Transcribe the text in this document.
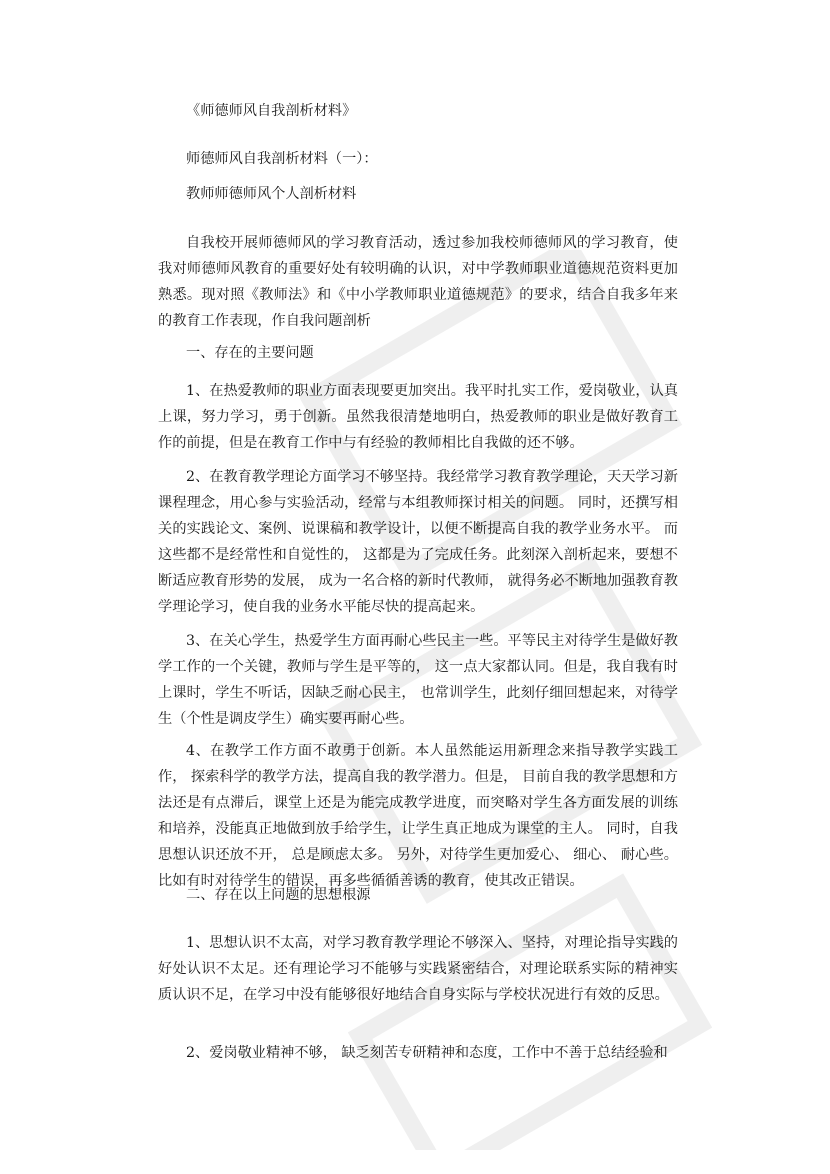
《师德师风自我剖析材料》
师德师风自我剖析材料（一）：
教师师德师风个人剖析材料

自我校开展师德师风的学习教育活动，透过参加我校师德师风的学习教育，使我对师德师风教育的重要好处有较明确的认识，对中学教师职业道德规范资料更加熟悉。现对照《教师法》和《中小学教师职业道德规范》的要求，结合自我多年来的教育工作表现，作自我问题剖析

一、存在的主要问题

1、在热爱教师的职业方面表现要更加突出。我平时扎实工作，爱岗敬业，认真上课，努力学习，勇于创新。虽然我很清楚地明白，热爱教师的职业是做好教育工作的前提，但是在教育工作中与有经验的教师相比自我做的还不够。

2、在教育教学理论方面学习不够坚持。我经常学习教育教学理论，天天学习新课程理念，用心参与实验活动，经常与本组教师探讨相关的问题。 同时，还撰写相关的实践论文、案例、说课稿和教学设计，以便不断提高自我的教学业务水平。 而这些都不是经常性和自觉性的， 这都是为了完成任务。此刻深入剖析起来，要想不断适应教育形势的发展， 成为一名合格的新时代教师， 就得务必不断地加强教育教学理论学习，使自我的业务水平能尽快的提高起来。

3、在关心学生，热爱学生方面再耐心些民主一些。平等民主对待学生是做好教学工作的一个关键，教师与学生是平等的， 这一点大家都认同。但是，我自我有时上课时，学生不听话，因缺乏耐心民主， 也常训学生，此刻仔细回想起来，对待学生（个性是调皮学生）确实要再耐心些。

4、在教学工作方面不敢勇于创新。本人虽然能运用新理念来指导教学实践工作， 探索科学的教学方法，提高自我的教学潜力。但是， 目前自我的教学思想和方法还是有点滞后，课堂上还是为能完成教学进度，而突略对学生各方面发展的训练和培养，没能真正地做到放手给学生，让学生真正地成为课堂的主人。 同时，自我思想认识还放不开， 总是顾虑太多。 另外，对待学生更加爱心、 细心、 耐心些。比如有时对待学生的错误，再多些循循善诱的教育，使其改正错误。

二、存在以上问题的思想根源

1、思想认识不太高，对学习教育教学理论不够深入、坚持，对理论指导实践的好处认识不太足。还有理论学习不能够与实践紧密结合，对理论联系实际的精神实质认识不足，在学习中没有能够很好地结合自身实际与学校状况进行有效的反思。

2、爱岗敬业精神不够， 缺乏刻苦专研精神和态度，工作中不善于总结经验和
